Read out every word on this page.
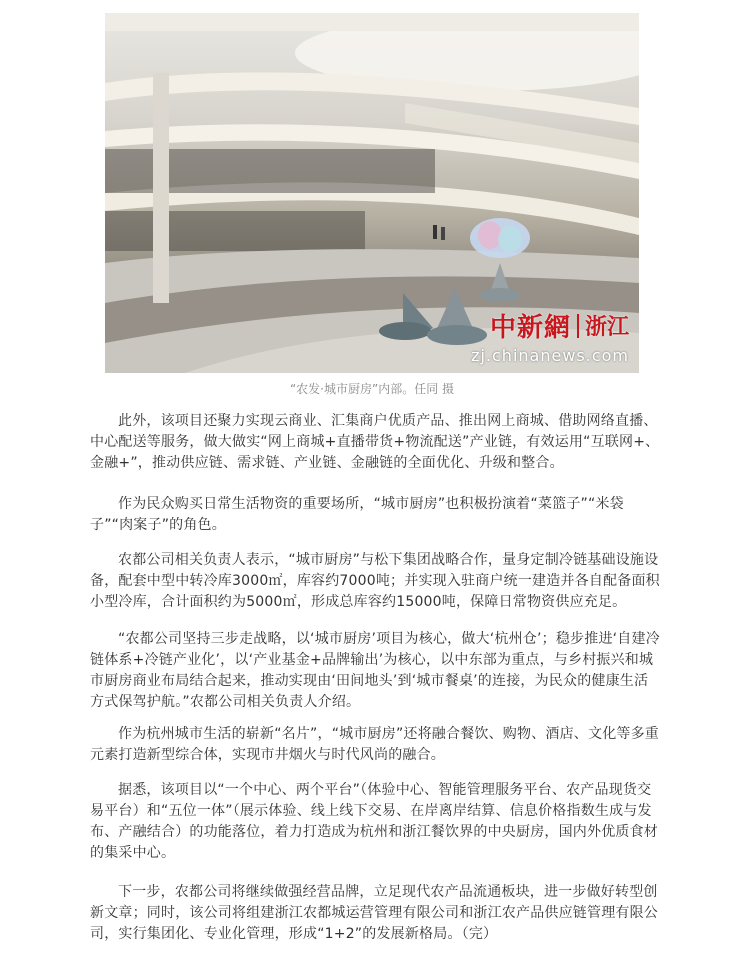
中新網 浙江
zj.chinanews.com
“农发·城市厨房”内部。任同 摄

此外，该项目还聚力实现云商业、汇集商户优质产品、推出网上商城、借助网络直播、中心配送等服务，做大做实“网上商城+直播带货+物流配送”产业链，有效运用“互联网+、金融+”，推动供应链、需求链、产业链、金融链的全面优化、升级和整合。

作为民众购买日常生活物资的重要场所，“城市厨房”也积极扮演着“菜篮子”“米袋子”“肉案子”的角色。

农都公司相关负责人表示，“城市厨房”与松下集团战略合作，量身定制冷链基础设施设备，配套中型中转冷库3000㎡，库容约7000吨；并实现入驻商户统一建造并各自配备面积小型冷库，合计面积约为5000㎡，形成总库容约15000吨，保障日常物资供应充足。

“农都公司坚持三步走战略，以‘城市厨房’项目为核心，做大‘杭州仓’；稳步推进‘自建冷链体系+冷链产业化’，以‘产业基金+品牌输出’为核心，以中东部为重点，与乡村振兴和城市厨房商业布局结合起来，推动实现由‘田间地头’到‘城市餐桌’的连接，为民众的健康生活方式保驾护航。”农都公司相关负责人介绍。

作为杭州城市生活的崭新“名片”，“城市厨房”还将融合餐饮、购物、酒店、文化等多重元素打造新型综合体，实现市井烟火与时代风尚的融合。

据悉，该项目以“一个中心、两个平台”（体验中心、智能管理服务平台、农产品现货交易平台）和“五位一体”（展示体验、线上线下交易、在岸离岸结算、信息价格指数生成与发布、产融结合）的功能落位，着力打造成为杭州和浙江餐饮界的中央厨房，国内外优质食材的集采中心。

下一步，农都公司将继续做强经营品牌，立足现代农产品流通板块，进一步做好转型创新文章；同时，该公司将组建浙江农都城运营管理有限公司和浙江农产品供应链管理有限公司，实行集团化、专业化管理，形成“1+2”的发展新格局。（完）
